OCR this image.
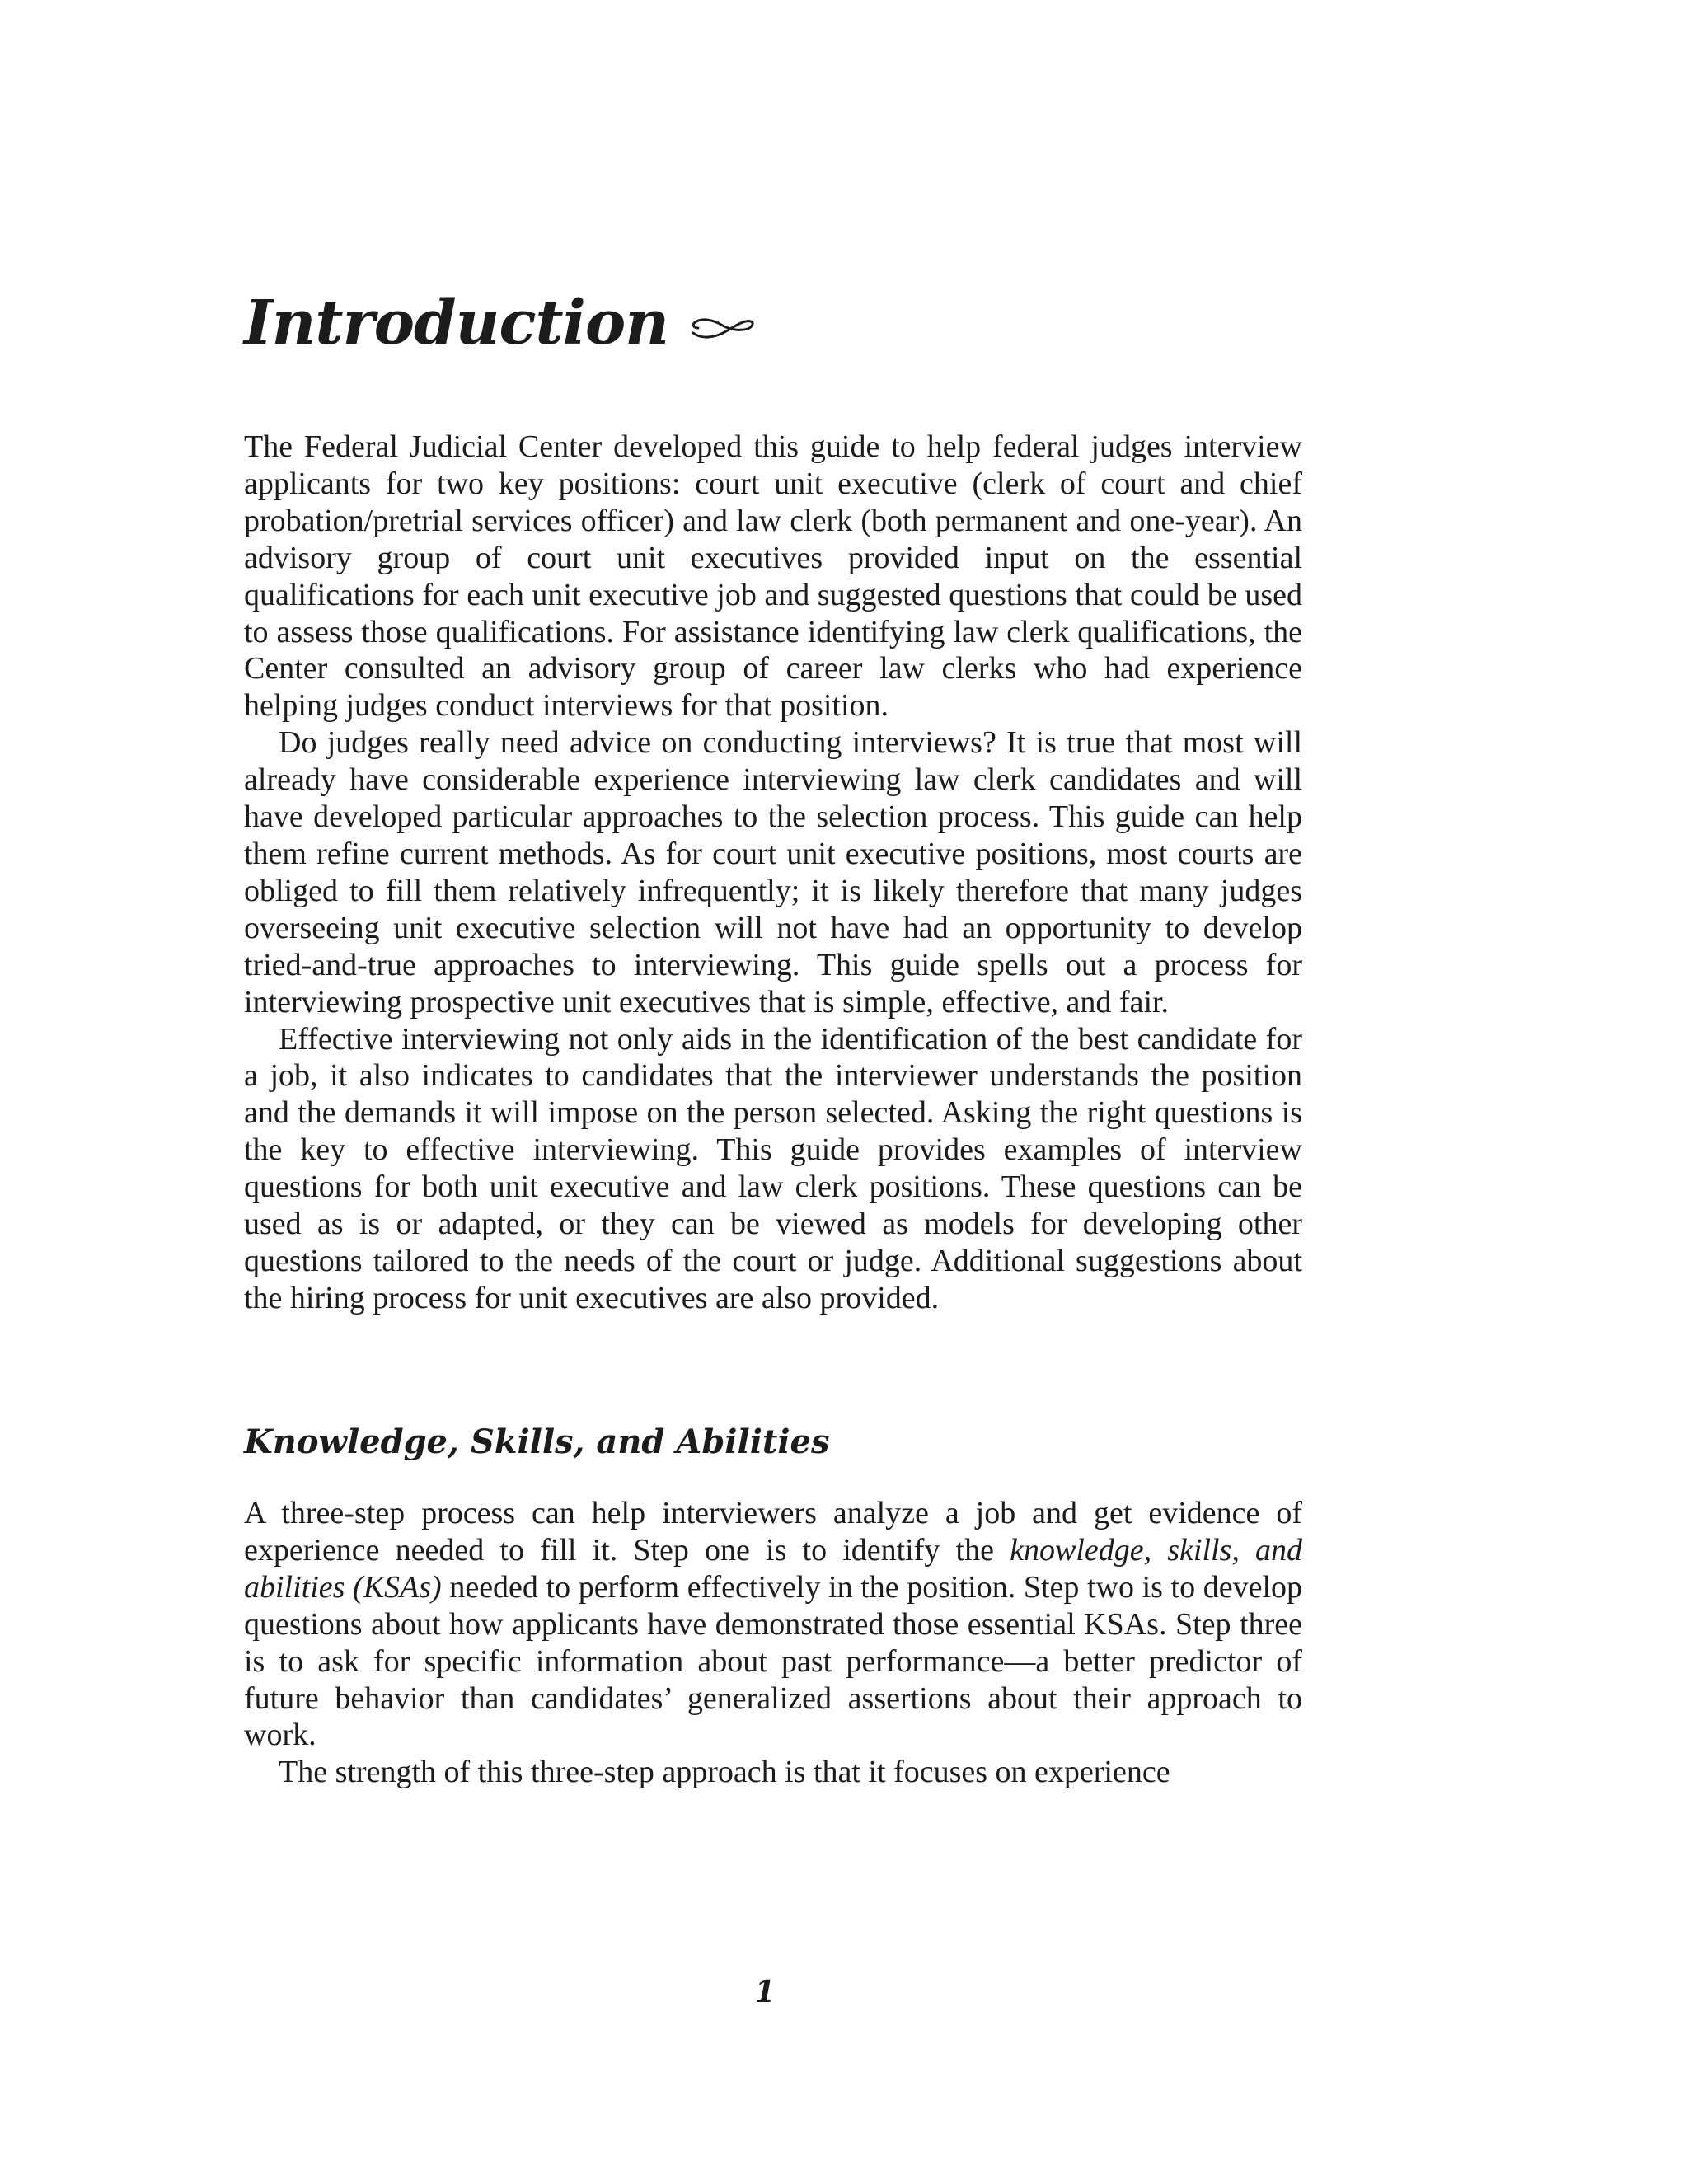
Introduction

The Federal Judicial Center developed this guide to help federal judges interview applicants for two key positions: court unit executive (clerk of court and chief probation/pretrial services officer) and law clerk (both permanent and one-year). An advisory group of court unit executives provided input on the essential qualifications for each unit executive job and suggested questions that could be used to assess those qualifications. For assistance identifying law clerk qualifications, the Center consulted an advisory group of career law clerks who had experience helping judges conduct interviews for that position.

Do judges really need advice on conducting interviews? It is true that most will already have considerable experience interviewing law clerk candidates and will have developed particular approaches to the selection process. This guide can help them refine current methods. As for court unit executive positions, most courts are obliged to fill them relatively infrequently; it is likely therefore that many judges overseeing unit executive selection will not have had an opportunity to develop tried-and-true approaches to interviewing. This guide spells out a process for interviewing prospective unit executives that is simple, effective, and fair.

Effective interviewing not only aids in the identification of the best candidate for a job, it also indicates to candidates that the interviewer understands the position and the demands it will impose on the person selected. Asking the right questions is the key to effective interviewing. This guide provides examples of interview questions for both unit executive and law clerk positions. These questions can be used as is or adapted, or they can be viewed as models for developing other questions tailored to the needs of the court or judge. Additional suggestions about the hiring process for unit executives are also provided.

Knowledge, Skills, and Abilities

A three-step process can help interviewers analyze a job and get evidence of experience needed to fill it. Step one is to identify the knowledge, skills, and abilities (KSAs) needed to perform effectively in the position. Step two is to develop questions about how applicants have demonstrated those essential KSAs. Step three is to ask for specific information about past performance—a better predictor of future behavior than candidates’ generalized assertions about their approach to work.

The strength of this three-step approach is that it focuses on experience

1
